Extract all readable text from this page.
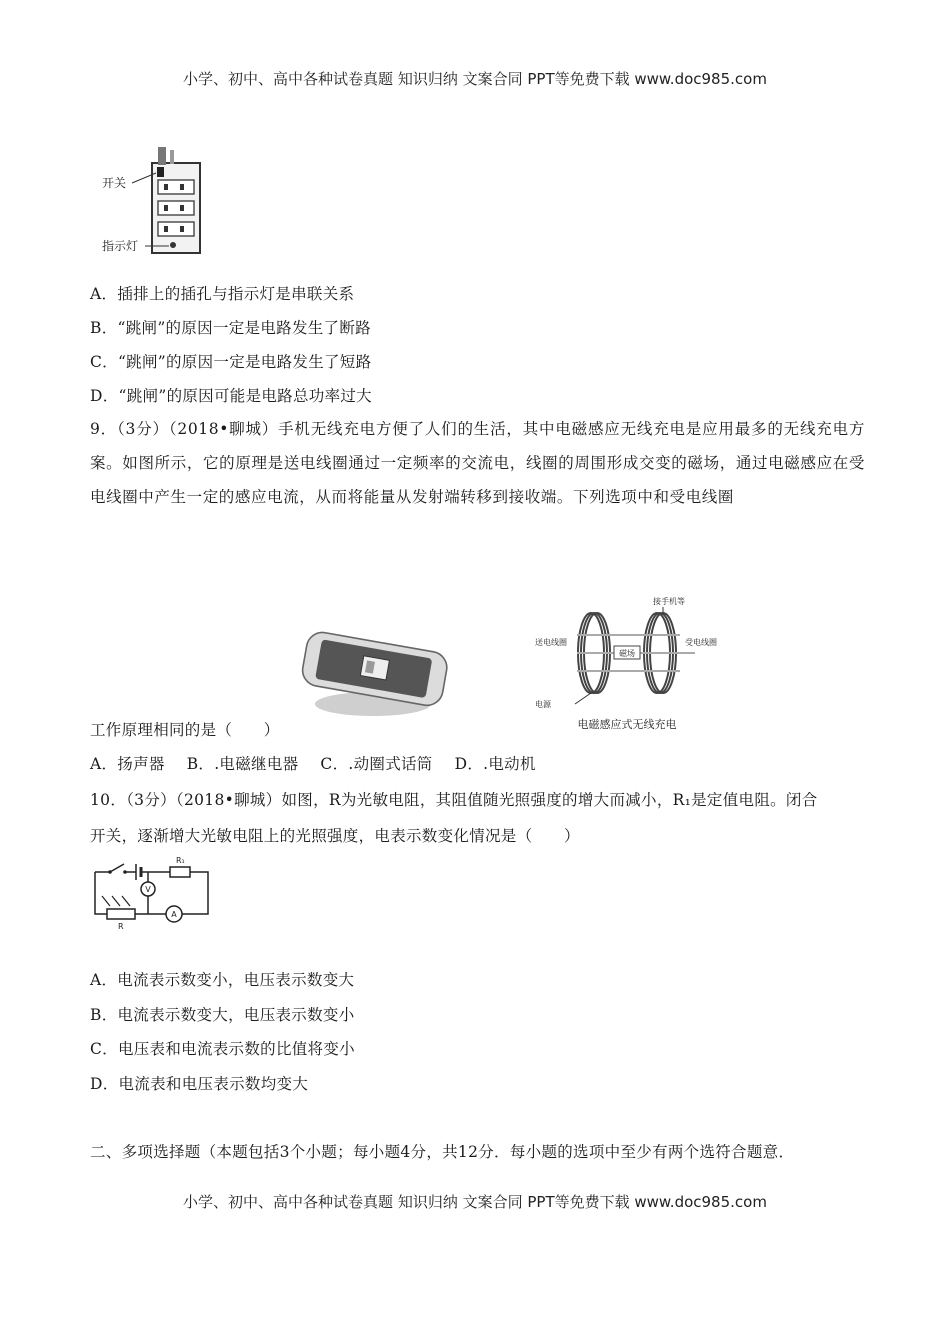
小学、初中、高中各种试卷真题 知识归纳 文案合同 PPT等免费下载 www.doc985.com
开关
指示灯
A．插排上的插孔与指示灯是串联关系
B．“跳闸”的原因一定是电路发生了断路
C．“跳闸”的原因一定是电路发生了短路
D．“跳闸”的原因可能是电路总功率过大
9．（3分）（2018•聊城）手机无线充电方便了人们的生活，其中电磁感应无线充电是应用最多的无线充电方案。如图所示，它的原理是送电线圈通过一定频率的交流电，线圈的周围形成交变的磁场，通过电磁感应在受电线圈中产生一定的感应电流，从而将能量从发射端转移到接收端。下列选项中和受电线圈
磁场
送电线圈	受电线圈
接手机等
电源
电磁感应式无线充电
工作原理相同的是（　　）
A．扬声器 B．.电磁继电器 C．.动圈式话筒 D．.电动机
10．（3分）（2018•聊城）如图，R为光敏电阻，其阻值随光照强度的增大而减小，R₁是定值电阻。闭合
开关，逐渐增大光敏电阻上的光照强度，电表示数变化情况是（　　）
R₁
A
R
V
A．电流表示数变小，电压表示数变大
B．电流表示数变大，电压表示数变小
C．电压表和电流表示数的比值将变小
D．电流表和电压表示数均变大
二、多项选择题（本题包括3个小题；每小题4分，共12分．每小题的选项中至少有两个选符合题意．
小学、初中、高中各种试卷真题 知识归纳 文案合同 PPT等免费下载 www.doc985.com
